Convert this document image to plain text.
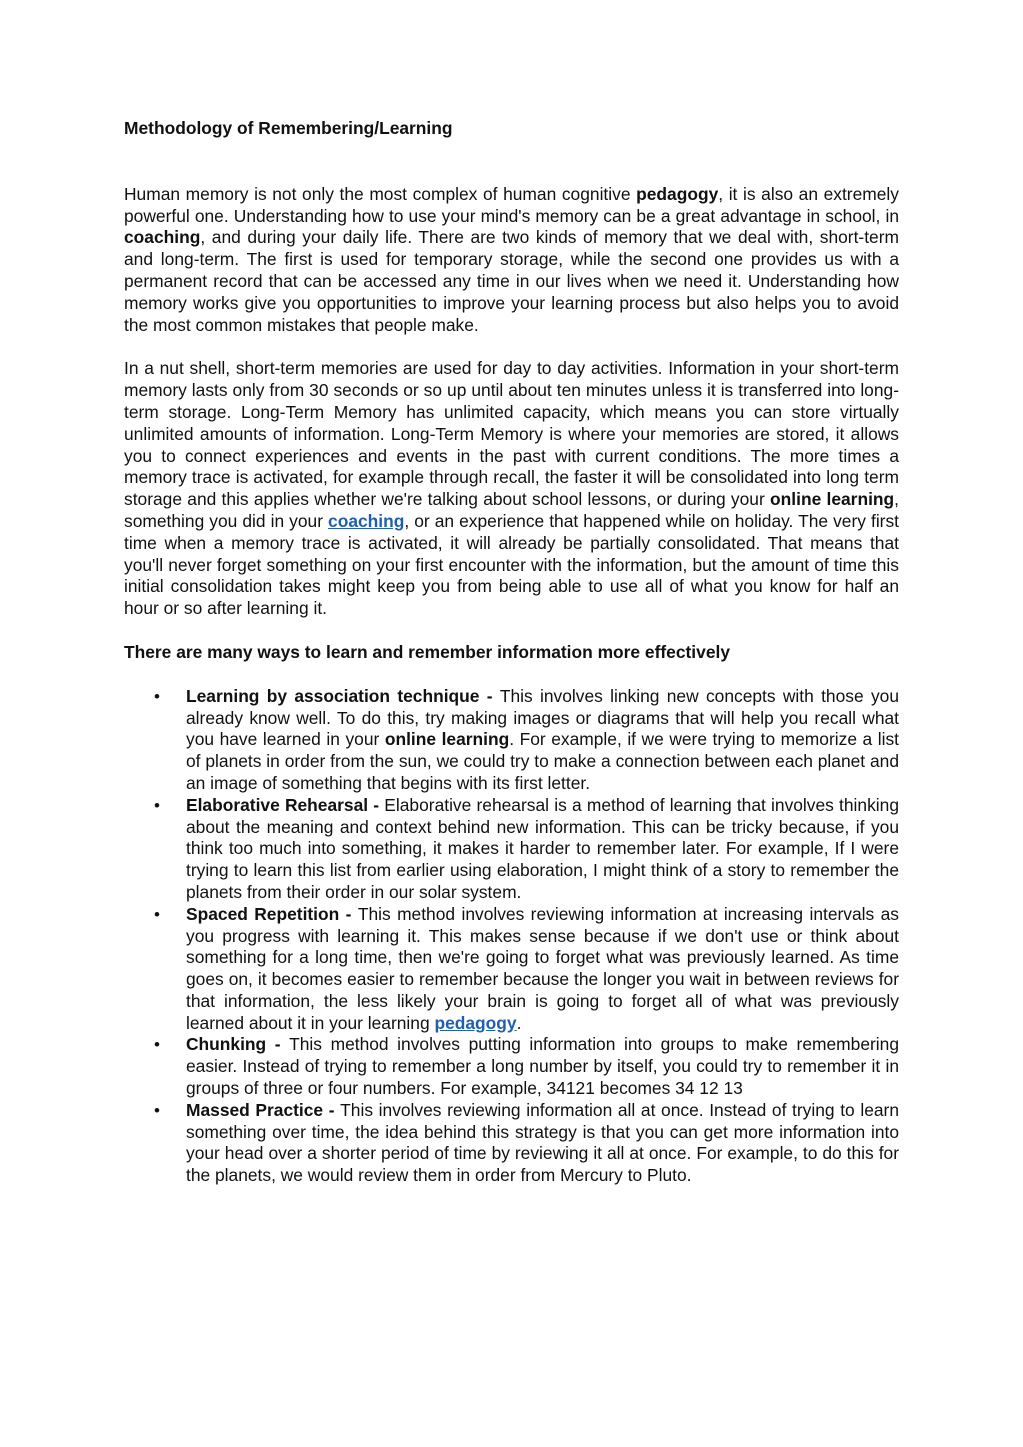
Methodology of Remembering/Learning

Human memory is not only the most complex of human cognitive pedagogy, it is also an extremely powerful one. Understanding how to use your mind's memory can be a great advantage in school, in coaching, and during your daily life. There are two kinds of memory that we deal with, short-term and long-term. The first is used for temporary storage, while the second one provides us with a permanent record that can be accessed any time in our lives when we need it. Understanding how memory works give you opportunities to improve your learning process but also helps you to avoid the most common mistakes that people make.

In a nut shell, short-term memories are used for day to day activities. Information in your short-term memory lasts only from 30 seconds or so up until about ten minutes unless it is transferred into long-term storage. Long-Term Memory has unlimited capacity, which means you can store virtually unlimited amounts of information. Long-Term Memory is where your memories are stored, it allows you to connect experiences and events in the past with current conditions. The more times a memory trace is activated, for example through recall, the faster it will be consolidated into long term storage and this applies whether we're talking about school lessons, or during your online learning, something you did in your coaching, or an experience that happened while on holiday. The very first time when a memory trace is activated, it will already be partially consolidated. That means that you'll never forget something on your first encounter with the information, but the amount of time this initial consolidation takes might keep you from being able to use all of what you know for half an hour or so after learning it.

There are many ways to learn and remember information more effectively
• Learning by association technique - This involves linking new concepts with those you already know well. To do this, try making images or diagrams that will help you recall what you have learned in your online learning. For example, if we were trying to memorize a list of planets in order from the sun, we could try to make a connection between each planet and an image of something that begins with its first letter.
• Elaborative Rehearsal - Elaborative rehearsal is a method of learning that involves thinking about the meaning and context behind new information. This can be tricky because, if you think too much into something, it makes it harder to remember later. For example, If I were trying to learn this list from earlier using elaboration, I might think of a story to remember the planets from their order in our solar system.
• Spaced Repetition - This method involves reviewing information at increasing intervals as you progress with learning it. This makes sense because if we don't use or think about something for a long time, then we're going to forget what was previously learned. As time goes on, it becomes easier to remember because the longer you wait in between reviews for that information, the less likely your brain is going to forget all of what was previously learned about it in your learning pedagogy.
• Chunking - This method involves putting information into groups to make remembering easier. Instead of trying to remember a long number by itself, you could try to remember it in groups of three or four numbers. For example, 34121 becomes 34 12 13
• Massed Practice - This involves reviewing information all at once. Instead of trying to learn something over time, the idea behind this strategy is that you can get more information into your head over a shorter period of time by reviewing it all at once. For example, to do this for the planets, we would review them in order from Mercury to Pluto.
